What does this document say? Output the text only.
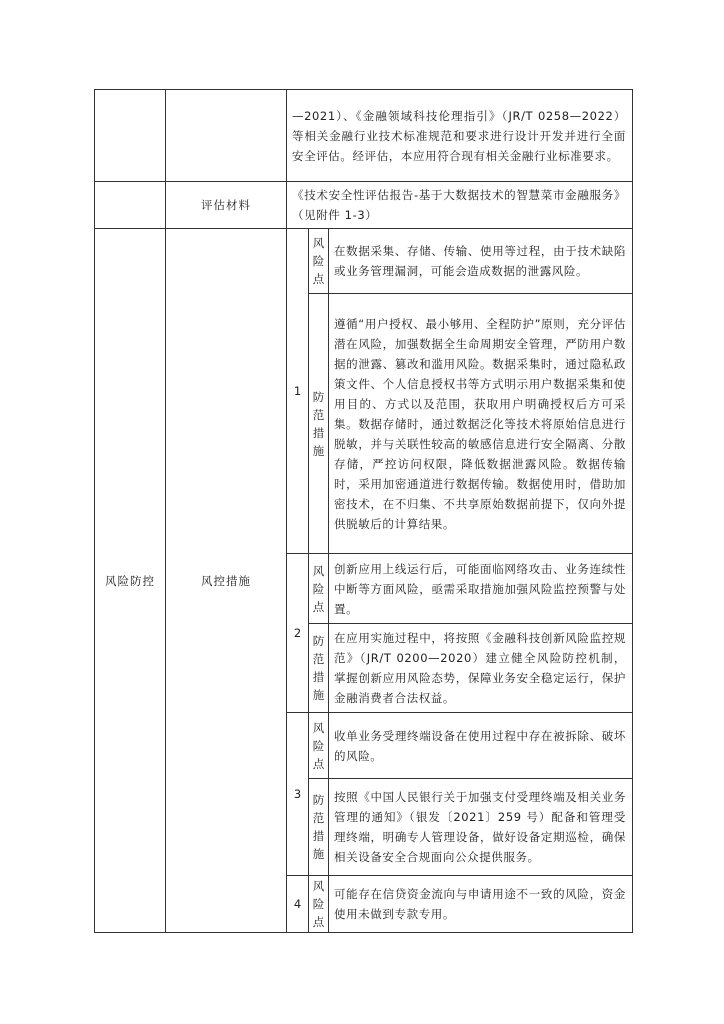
		—2021）、《金融领域科技伦理指引》（JR/T 0258—2022）等相关金融行业技术标准规范和要求进行设计开发并进行全面安全评估。经评估，本应用符合现有相关金融行业标准要求。		

	评估材料	《技术安全性评估报告-基于大数据技术的智慧菜市金融服务》（见附件 1-3）		

风险防控	风控措施	1	风险点	在数据采集、存储、传输、使用等过程，由于技术缺陷或业务管理漏洞，可能会造成数据的泄露风险。

			防范措施	遵循“用户授权、最小够用、全程防护”原则，充分评估潜在风险，加强数据全生命周期安全管理，严防用户数据的泄露、篡改和滥用风险。数据采集时，通过隐私政策文件、个人信息授权书等方式明示用户数据采集和使用目的、方式以及范围，获取用户明确授权后方可采集。数据存储时，通过数据泛化等技术将原始信息进行脱敏，并与关联性较高的敏感信息进行安全隔离、分散存储，严控访问权限，降低数据泄露风险。数据传输时，采用加密通道进行数据传输。数据使用时，借助加密技术，在不归集、不共享原始数据前提下，仅向外提供脱敏后的计算结果。

		2	风险点	创新应用上线运行后，可能面临网络攻击、业务连续性中断等方面风险，亟需采取措施加强风险监控预警与处置。

			防范措施	在应用实施过程中，将按照《金融科技创新风险监控规范》（JR/T 0200—2020）建立健全风险防控机制，掌握创新应用风险态势，保障业务安全稳定运行，保护金融消费者合法权益。

		3	风险点	收单业务受理终端设备在使用过程中存在被拆除、破坏的风险。

			防范措施	按照《中国人民银行关于加强支付受理终端及相关业务管理的通知》（银发〔2021〕259 号）配备和管理受理终端，明确专人管理设备，做好设备定期巡检，确保相关设备安全合规面向公众提供服务。

		4	风险点	可能存在信贷资金流向与申请用途不一致的风险，资金使用未做到专款专用。
